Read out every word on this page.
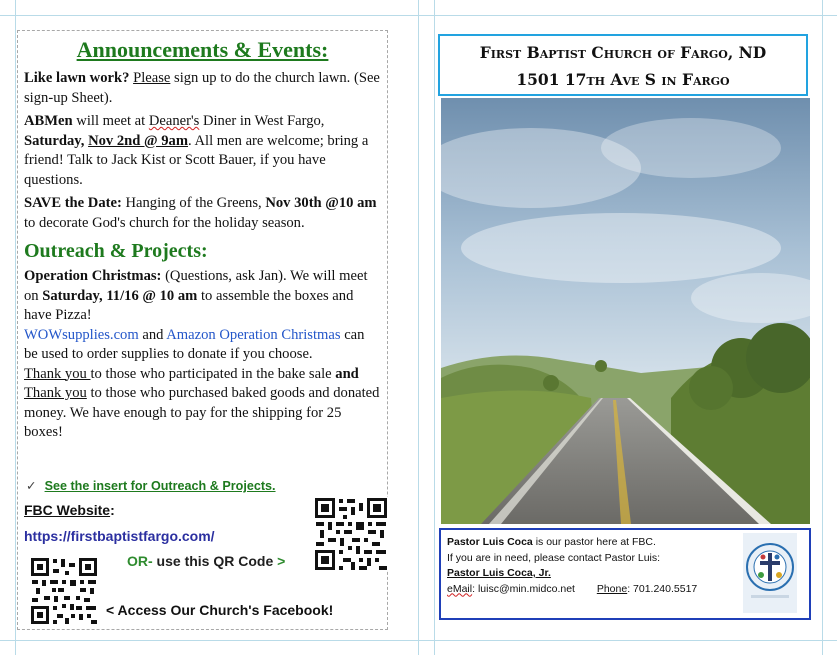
Announcements & Events:

Like lawn work? Please sign up to do the church lawn. (See sign-up Sheet).

ABMen will meet at Deaner's Diner in West Fargo, Saturday, Nov 2nd @ 9am. All men are welcome; bring a friend! Talk to Jack Kist or Scott Bauer, if you have questions.

SAVE the Date: Hanging of the Greens, Nov 30th @10 am to decorate God's church for the holiday season.

Outreach & Projects:

Operation Christmas: (Questions, ask Jan). We will meet on Saturday, 11/16 @ 10 am to assemble the boxes and have Pizza!
WOWsupplies.com and Amazon Operation Christmas can be used to order supplies to donate if you choose.
Thank you to those who participated in the bake sale and Thank you to those who purchased baked goods and donated money. We have enough to pay for the shipping for 25 boxes!

✓ See the insert for Outreach & Projects.
FBC Website:
https://firstbaptistfargo.com/
OR- use this QR Code >
< Access Our Church's Facebook!
First Baptist Church of Fargo, ND
1501 17th Ave S in Fargo
Pastor Luis Coca is our pastor here at FBC.
If you are in need, please contact Pastor Luis:
Pastor Luis Coca, Jr.
eMail: luisc@min.midco.net Phone: 701.240.5517
